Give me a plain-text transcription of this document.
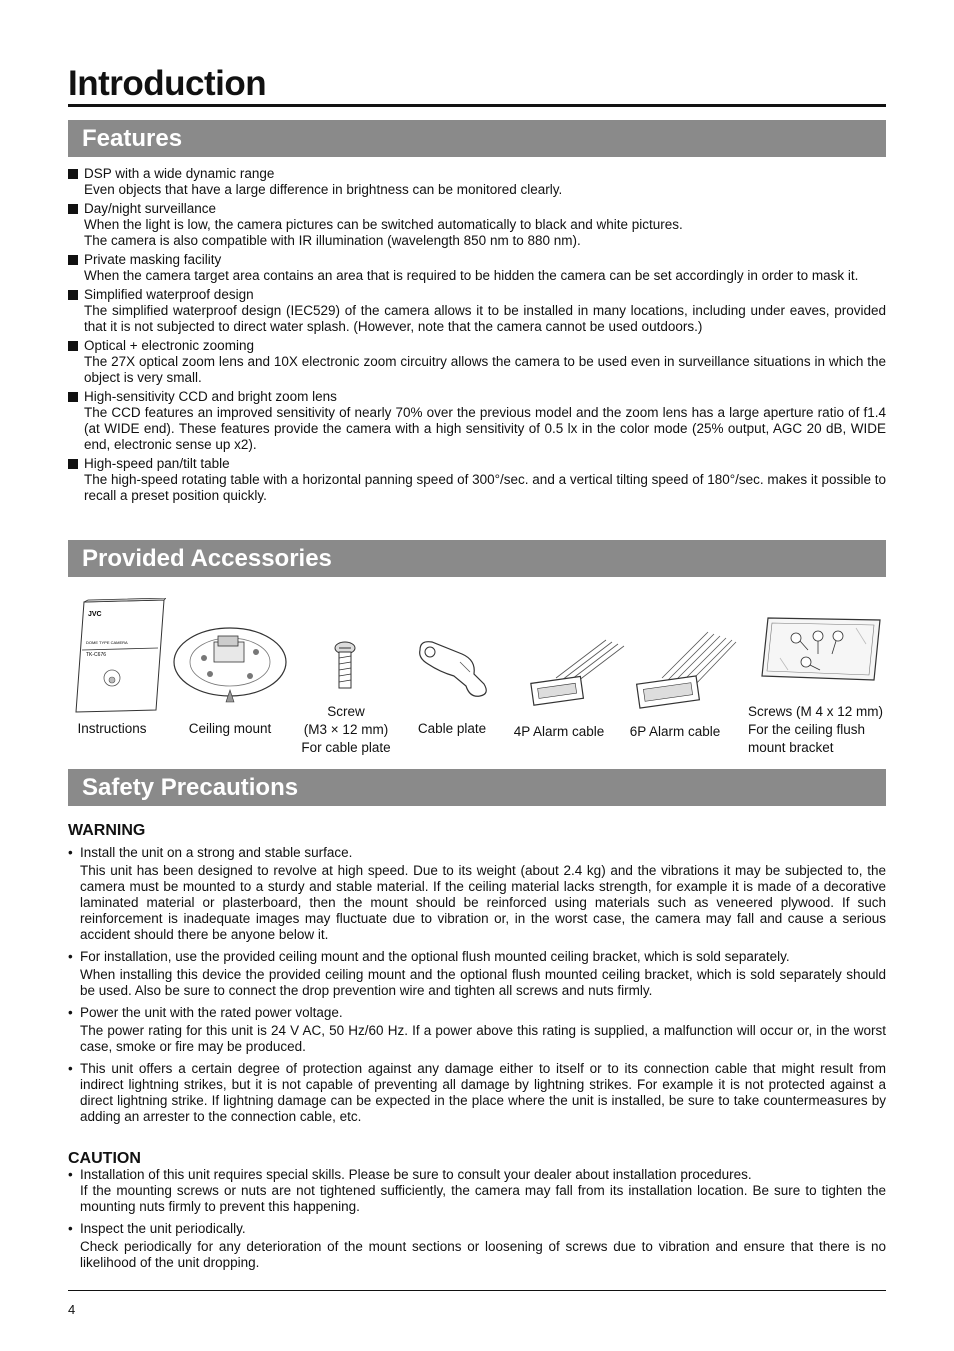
Introduction
Features
DSP with a wide dynamic range
Even objects that have a large difference in brightness can be monitored clearly.
Day/night surveillance
When the light is low, the camera pictures can be switched automatically to black and white pictures.
The camera is also compatible with IR illumination (wavelength 850 nm to 880 nm).
Private masking facility
When the camera target area contains an area that is required to be hidden the camera can be set accordingly in order to mask it.
Simplified waterproof design
The simplified waterproof design (IEC529) of the camera allows it to be installed in many locations, including under eaves, provided that it is not subjected to direct water splash. (However, note that the camera cannot be used outdoors.)
Optical + electronic zooming
The 27X optical zoom lens and 10X electronic zoom circuitry allows the camera to be used even in surveillance situations in which the object is very small.
High-sensitivity CCD and bright zoom lens
The CCD features an improved sensitivity of nearly 70% over the previous model and the zoom lens has a large aperture ratio of f1.4 (at WIDE end). These features provide the camera with a high sensitivity of 0.5 lx in the color mode (25% output, AGC 20 dB, WIDE end, electronic sense up x2).
High-speed pan/tilt table
The high-speed rotating table with a horizontal panning speed of 300°/sec. and a vertical tilting speed of 180°/sec. makes it possible to recall a preset position quickly.
Provided Accessories
JVC
DOME TYPE CAMERA
TK-C676
Instructions	Ceiling mount
Screw
(M3 × 12 mm)
For cable plate
Cable plate	4P Alarm cable	6P Alarm cable
Screws (M 4 x 12 mm)
For the ceiling flush
mount bracket
Safety Precautions
WARNING
• Install the unit on a strong and stable surface.
This unit has been designed to revolve at high speed. Due to its weight (about 2.4 kg) and the vibrations it may be subjected to, the camera must be mounted to a sturdy and stable material. If the ceiling material lacks strength, for example it is made of a decorative laminated material or plasterboard, then the mount should be reinforced using materials such as veneered plywood. If such reinforcement is inadequate images may fluctuate due to vibration or, in the worst case, the camera may fall and cause a serious accident should there be anyone below it.
• For installation, use the provided ceiling mount and the optional flush mounted ceiling bracket, which is sold separately.
When installing this device the provided ceiling mount and the optional flush mounted ceiling bracket, which is sold separately should be used. Also be sure to connect the drop prevention wire and tighten all screws and nuts firmly.
• Power the unit with the rated power voltage.
The power rating for this unit is 24 V AC, 50 Hz/60 Hz. If a power above this rating is supplied, a malfunction will occur or, in the worst case, smoke or fire may be produced.
• This unit offers a certain degree of protection against any damage either to itself or to its connection cable that might result from indirect lightning strikes, but it is not capable of preventing all damage by lightning strikes. For example it is not protected against a direct lightning strike. If lightning damage can be expected in the place where the unit is installed, be sure to take countermeasures by adding an arrester to the connection cable, etc.
CAUTION
• Installation of this unit requires special skills. Please be sure to consult your dealer about installation procedures.
If the mounting screws or nuts are not tightened sufficiently, the camera may fall from its installation location. Be sure to tighten the mounting nuts firmly to prevent this happening.
• Inspect the unit periodically.
Check periodically for any deterioration of the mount sections or loosening of screws due to vibration and ensure that there is no likelihood of the unit dropping.
4
